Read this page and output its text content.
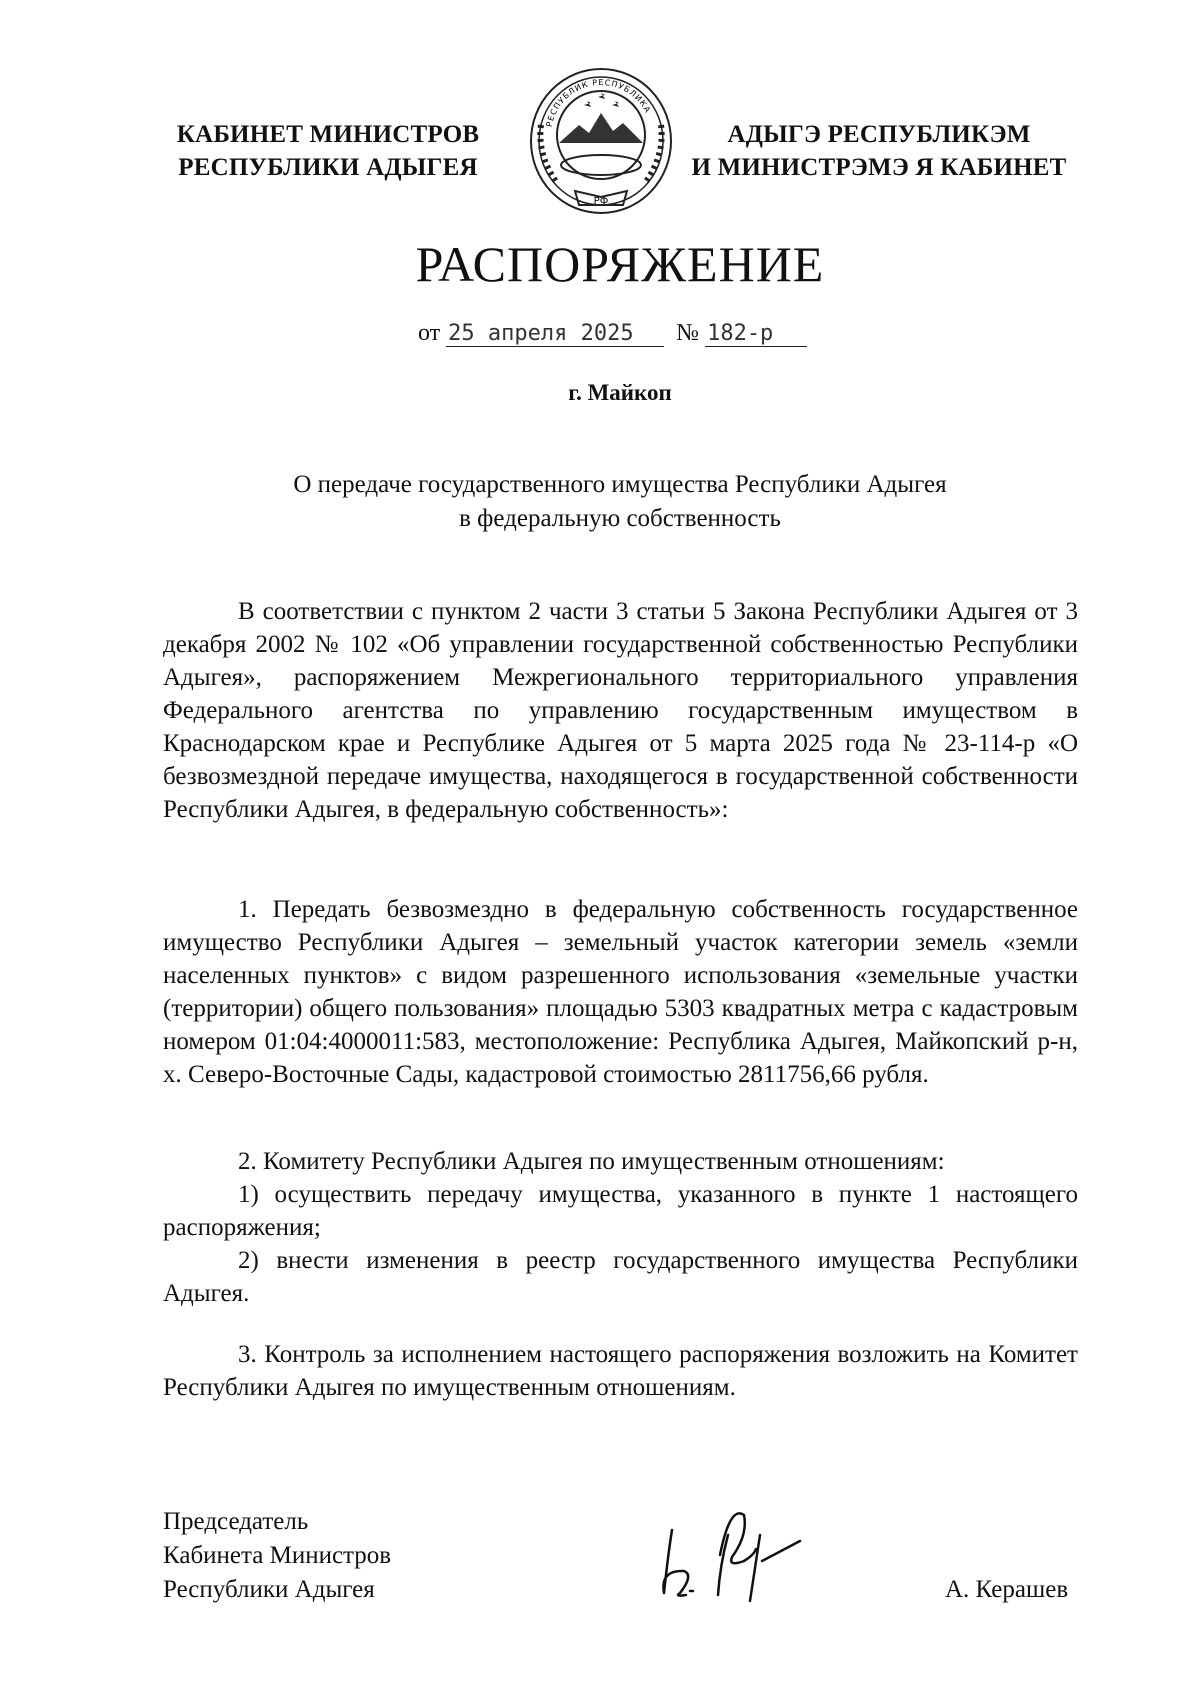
КАБИНЕТ МИНИСТРОВ
РЕСПУБЛИКИ АДЫГЕЯ
РФ
РЕСПУБЛИК РЕСПУБЛИКА
АДЫГЭ РЕСПУБЛИКЭМ
И МИНИСТРЭМЭ Я КАБИНЕТ
РАСПОРЯЖЕНИЕ
от 25 апреля 2025 № 182-р
г. Майкоп
О передаче государственного имущества Республики Адыгея
в федеральную собственность

В соответствии с пунктом 2 части 3 статьи 5 Закона Республики Адыгея от 3 декабря 2002 № 102 «Об управлении государственной собственностью Республики Адыгея», распоряжением Межрегионального территориального управления Федерального агентства по управлению государственным имуществом в Краснодарском крае и Республике Адыгея от 5 марта 2025 года № 23-114-р «О безвозмездной передаче имущества, находящегося в государственной собственности Республики Адыгея, в федеральную собственность»:

1. Передать безвозмездно в федеральную собственность государственное имущество Республики Адыгея – земельный участок категории земель «земли населенных пунктов» с видом разрешенного использования «земельные участки (территории) общего пользования» площадью 5303 квадратных метра с кадастровым номером 01:04:4000011:583, местоположение: Республика Адыгея, Майкопский р-н, х. Северо-Восточные Сады, кадастровой стоимостью 2811756,66 рубля.

2. Комитету Республики Адыгея по имущественным отношениям:

1) осуществить передачу имущества, указанного в пункте 1 настоящего распоряжения;

2) внести изменения в реестр государственного имущества Республики Адыгея.

3. Контроль за исполнением настоящего распоряжения возложить на Комитет Республики Адыгея по имущественным отношениям.

Председатель
Кабинета Министров
Республики Адыгея	А. Керашев
